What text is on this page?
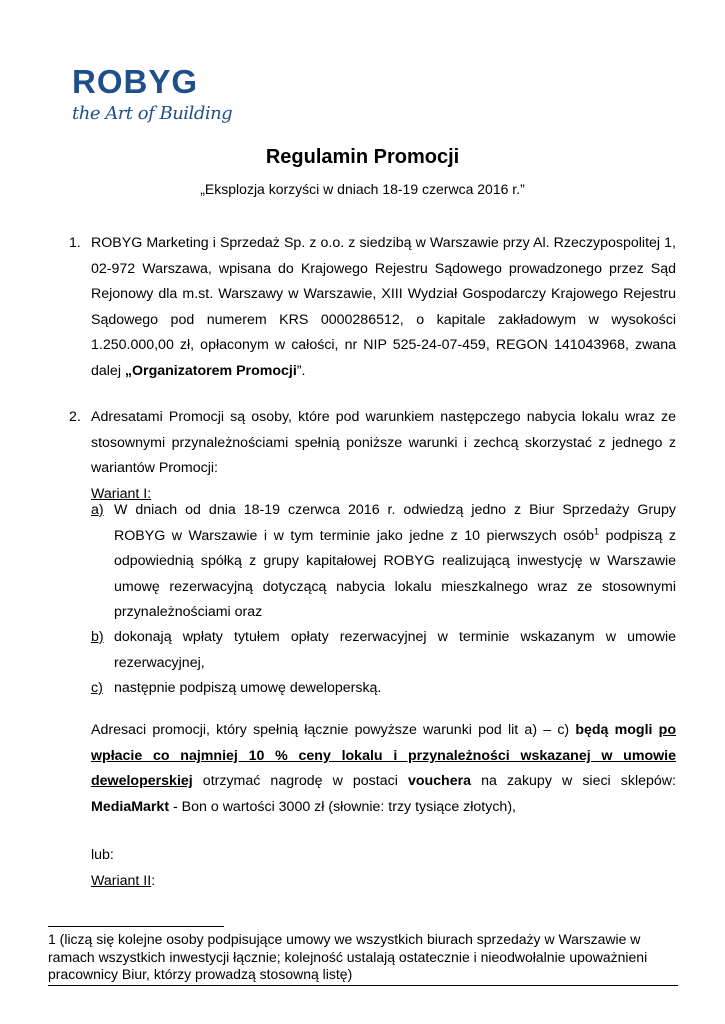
ROBYG
the Art of Building
Regulamin Promocji
„Eksplozja korzyści w dniach 18-19 czerwca 2016 r.”
1. ROBYG Marketing i Sprzedaż Sp. z o.o. z siedzibą w Warszawie przy Al. Rzeczypospolitej 1, 02-972 Warszawa, wpisana do Krajowego Rejestru Sądowego prowadzonego przez Sąd Rejonowy dla m.st. Warszawy w Warszawie, XIII Wydział Gospodarczy Krajowego Rejestru Sądowego pod numerem KRS 0000286512, o kapitale zakładowym w wysokości 1.250.000,00 zł, opłaconym w całości, nr NIP 525-24-07-459, REGON 141043968, zwana dalej „Organizatorem Promocji”.
2. Adresatami Promocji są osoby, które pod warunkiem następczego nabycia lokalu wraz ze stosownymi przynależnościami spełnią poniższe warunki i zechcą skorzystać z jednego z wariantów Promocji:
Wariant I:
a) W dniach od dnia 18-19 czerwca 2016 r. odwiedzą jedno z Biur Sprzedaży Grupy ROBYG w Warszawie i w tym terminie jako jedne z 10 pierwszych osób$^1$ podpiszą z odpowiednią spółką z grupy kapitałowej ROBYG realizującą inwestycję w Warszawie umowę rezerwacyjną dotyczącą nabycia lokalu mieszkalnego wraz ze stosownymi przynależnościami oraz
b) dokonają wpłaty tytułem opłaty rezerwacyjnej w terminie wskazanym w umowie rezerwacyjnej,
c) następnie podpiszą umowę deweloperską.
Adresaci promocji, który spełnią łącznie powyższe warunki pod lit a) – c) będą mogli po wpłacie co najmniej 10 % ceny lokalu i przynależności wskazanej w umowie deweloperskiej otrzymać nagrodę w postaci vouchera na zakupy w sieci sklepów: MediaMarkt - Bon o wartości 3000 zł (słownie: trzy tysiące złotych),
lub:
Wariant II:
1 (liczą się kolejne osoby podpisujące umowy we wszystkich biurach sprzedaży w Warszawie w ramach wszystkich inwestycji łącznie; kolejność ustalają ostatecznie i nieodwołalnie upoważnieni pracownicy Biur, którzy prowadzą stosowną listę)
